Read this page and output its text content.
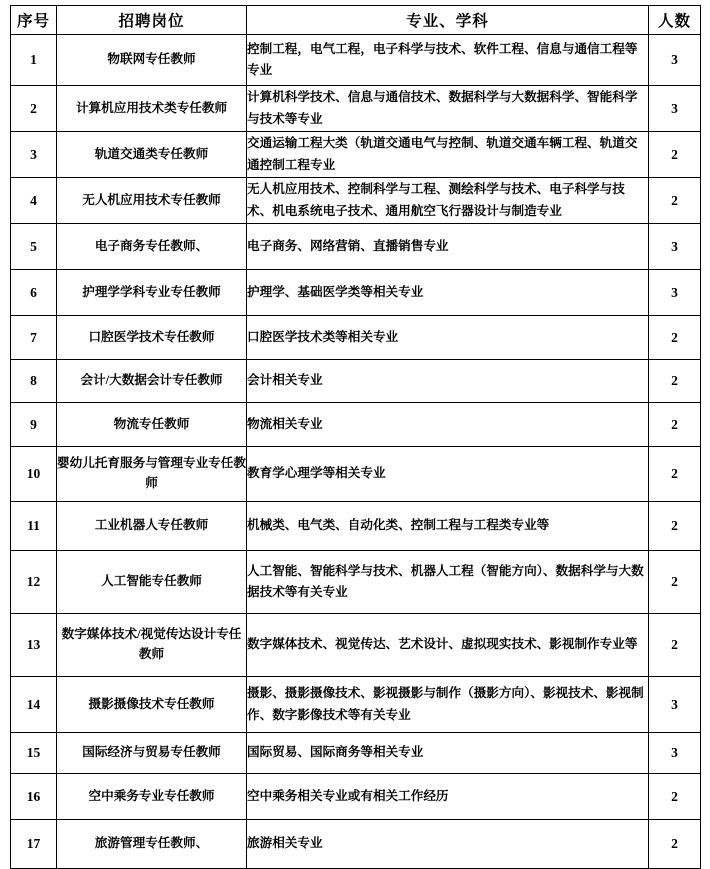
序号	招聘岗位	专业、学科	人数
1	物联网专任教师	控制工程，电气工程，电子科学与技术、软件工程、信息与通信工程等专业	3
2	计算机应用技术类专任教师	计算机科学技术、信息与通信技术、数据科学与大数据科学、智能科学与技术等专业	3
3	轨道交通类专任教师	交通运输工程大类（轨道交通电气与控制、轨道交通车辆工程、轨道交通控制工程专业	2
4	无人机应用技术专任教师	无人机应用技术、控制科学与工程、测绘科学与技术、电子科学与技术、机电系统电子技术、通用航空飞行器设计与制造专业	2
5	电子商务专任教师、	电子商务、网络营销、直播销售专业	3
6	护理学学科专业专任教师	护理学、基础医学类等相关专业	3
7	口腔医学技术专任教师	口腔医学技术类等相关专业	2
8	会计/大数据会计专任教师	会计相关专业	2
9	物流专任教师	物流相关专业	2
10	婴幼儿托育服务与管理专业专任教师	教育学心理学等相关专业	2
11	工业机器人专任教师	机械类、电气类、自动化类、控制工程与工程类专业等	2
12	人工智能专任教师	人工智能、智能科学与技术、机器人工程（智能方向）、数据科学与大数据技术等有关专业	2
13	数字媒体技术/视觉传达设计专任教师	数字媒体技术、视觉传达、艺术设计、虚拟现实技术、影视制作专业等	2
14	摄影摄像技术专任教师	摄影、摄影摄像技术、影视摄影与制作（摄影方向）、影视技术、影视制作、数字影像技术等有关专业	3
15	国际经济与贸易专任教师	国际贸易、国际商务等相关专业	3
16	空中乘务专业专任教师	空中乘务相关专业或有相关工作经历	2
17	旅游管理专任教师、	旅游相关专业	2
